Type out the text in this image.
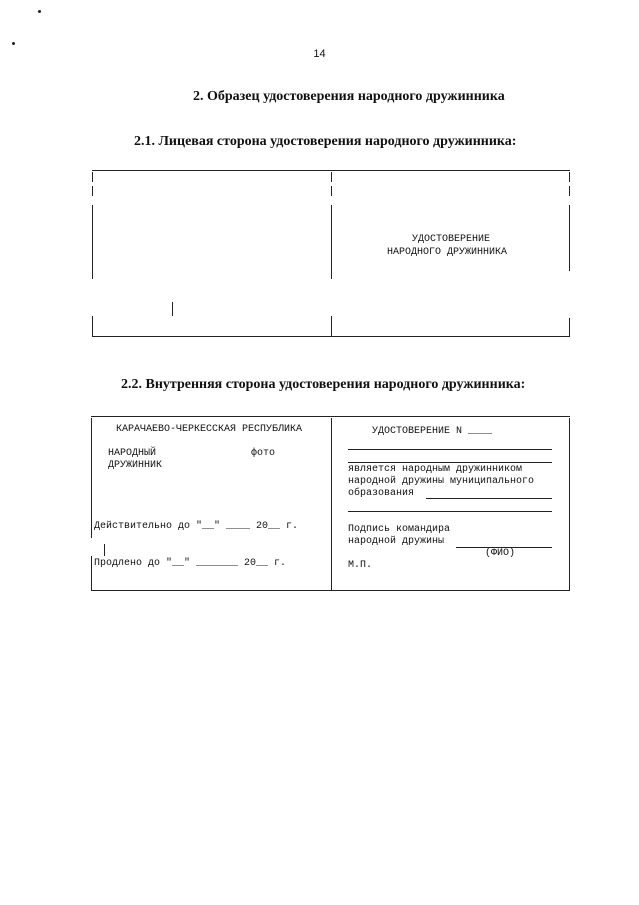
14
2. Образец удостоверения народного дружинника
2.1. Лицевая сторона удостоверения народного дружинника:
УДОСТОВЕРЕНИЕ
НАРОДНОГО ДРУЖИННИКА
2.2. Внутренняя сторона удостоверения народного дружинника:
КАРАЧАЕВО-ЧЕРКЕССКАЯ РЕСПУБЛИКА
НАРОДНЫЙ
ДРУЖИННИК
фото
Действительно до "__" ____ 20__ г.
Продлено до "__" _______ 20__ г.
УДОСТОВЕРЕНИЕ N ____
является народным дружинником
народной дружины муниципального
образования
Подпись командира
народной дружины
(ФИО)
М.П.
